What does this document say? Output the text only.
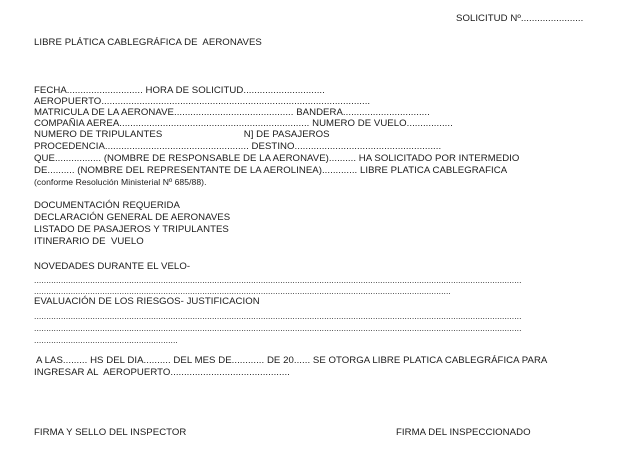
SOLICITUD Nº.......................
LIBRE PLÁTICA CABLEGRÁFICA DE  AERONAVES
FECHA............................ HORA DE SOLICITUD..............................
AEROPUERTO...................................................................................................
MATRICULA DE LA AERONAVE............................................ BANDERA................................
COMPAÑIA AEREA...................................................................... NUMERO DE VUELO.................
NUMERO DE TRIPULANTES                              N] DE PASAJEROS
PROCEDENCIA..................................................... DESTINO......................................................
QUE................. (NOMBRE DE RESPONSABLE DE LA AERONAVE).......... HA SOLICITADO POR INTERMEDIO
DE.......... (NOMBRE DEL REPRESENTANTE DE LA AEROLINEA)............. LIBRE PLATICA CABLEGRAFICA
(conforme Resolución Ministerial Nº 685/88).
DOCUMENTACIÓN REQUERIDA
DECLARACIÓN GENERAL DE AERONAVES
LISTADO DE PASAJEROS Y TRIPULANTES
ITINERARIO DE  VUELO
NOVEDADES DURANTE EL VELO-
........................................................................................................................................................................................................
...........................................................................................................................................................................
EVALUACIÓN DE LOS RIESGOS- JUSTIFICACION
........................................................................................................................................................................................................
........................................................................................................................................................................................................
...........................................................
A LAS......... HS DEL DIA.......... DEL MES DE............ DE 20...... SE OTORGA LIBRE PLATICA CABLEGRÁFICA PARA
INGRESAR AL  AEROPUERTO............................................
FIRMA Y SELLO DEL INSPECTOR	FIRMA DEL INSPECCIONADO
